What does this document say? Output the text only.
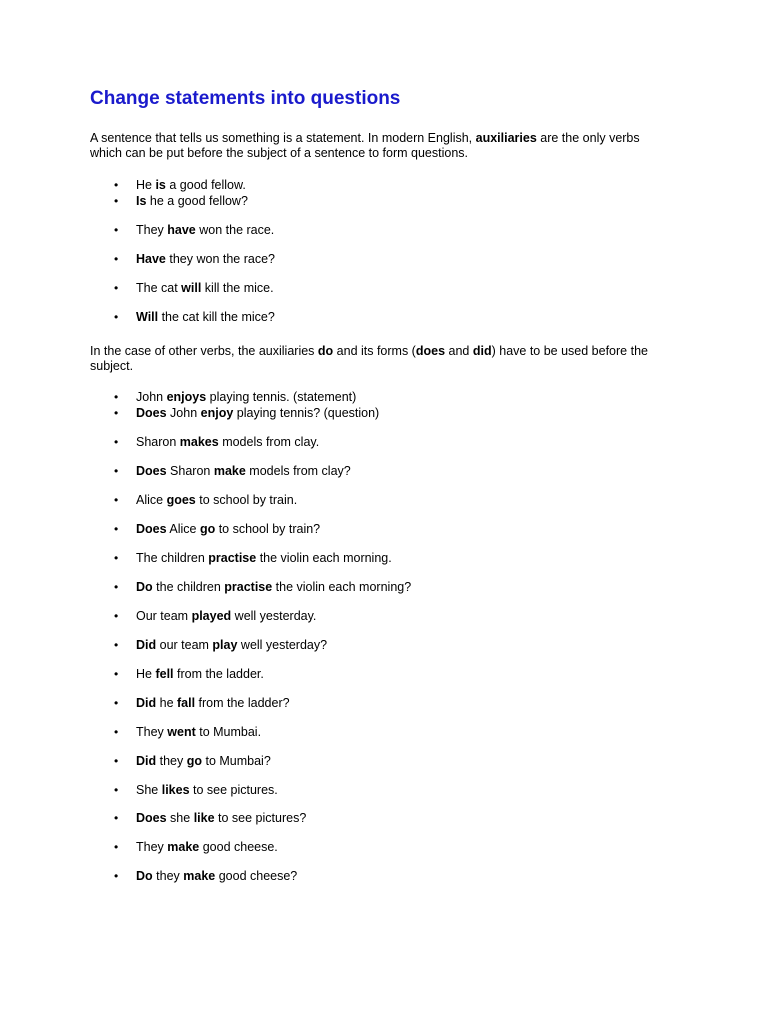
Change statements into questions

A sentence that tells us something is a statement. In modern English, auxiliaries are the only verbs which can be put before the subject of a sentence to form questions.

• He is a good fellow.
• Is he a good fellow?
• They have won the race.
• Have they won the race?
• The cat will kill the mice.
• Will the cat kill the mice?

In the case of other verbs, the auxiliaries do and its forms (does and did) have to be used before the subject.

• John enjoys playing tennis. (statement)
• Does John enjoy playing tennis? (question)
• Sharon makes models from clay.
• Does Sharon make models from clay?
• Alice goes to school by train.
• Does Alice go to school by train?
• The children practise the violin each morning.
• Do the children practise the violin each morning?
• Our team played well yesterday.
• Did our team play well yesterday?
• He fell from the ladder.
• Did he fall from the ladder?
• They went to Mumbai.
• Did they go to Mumbai?
• She likes to see pictures.
• Does she like to see pictures?
• They make good cheese.
• Do they make good cheese?
